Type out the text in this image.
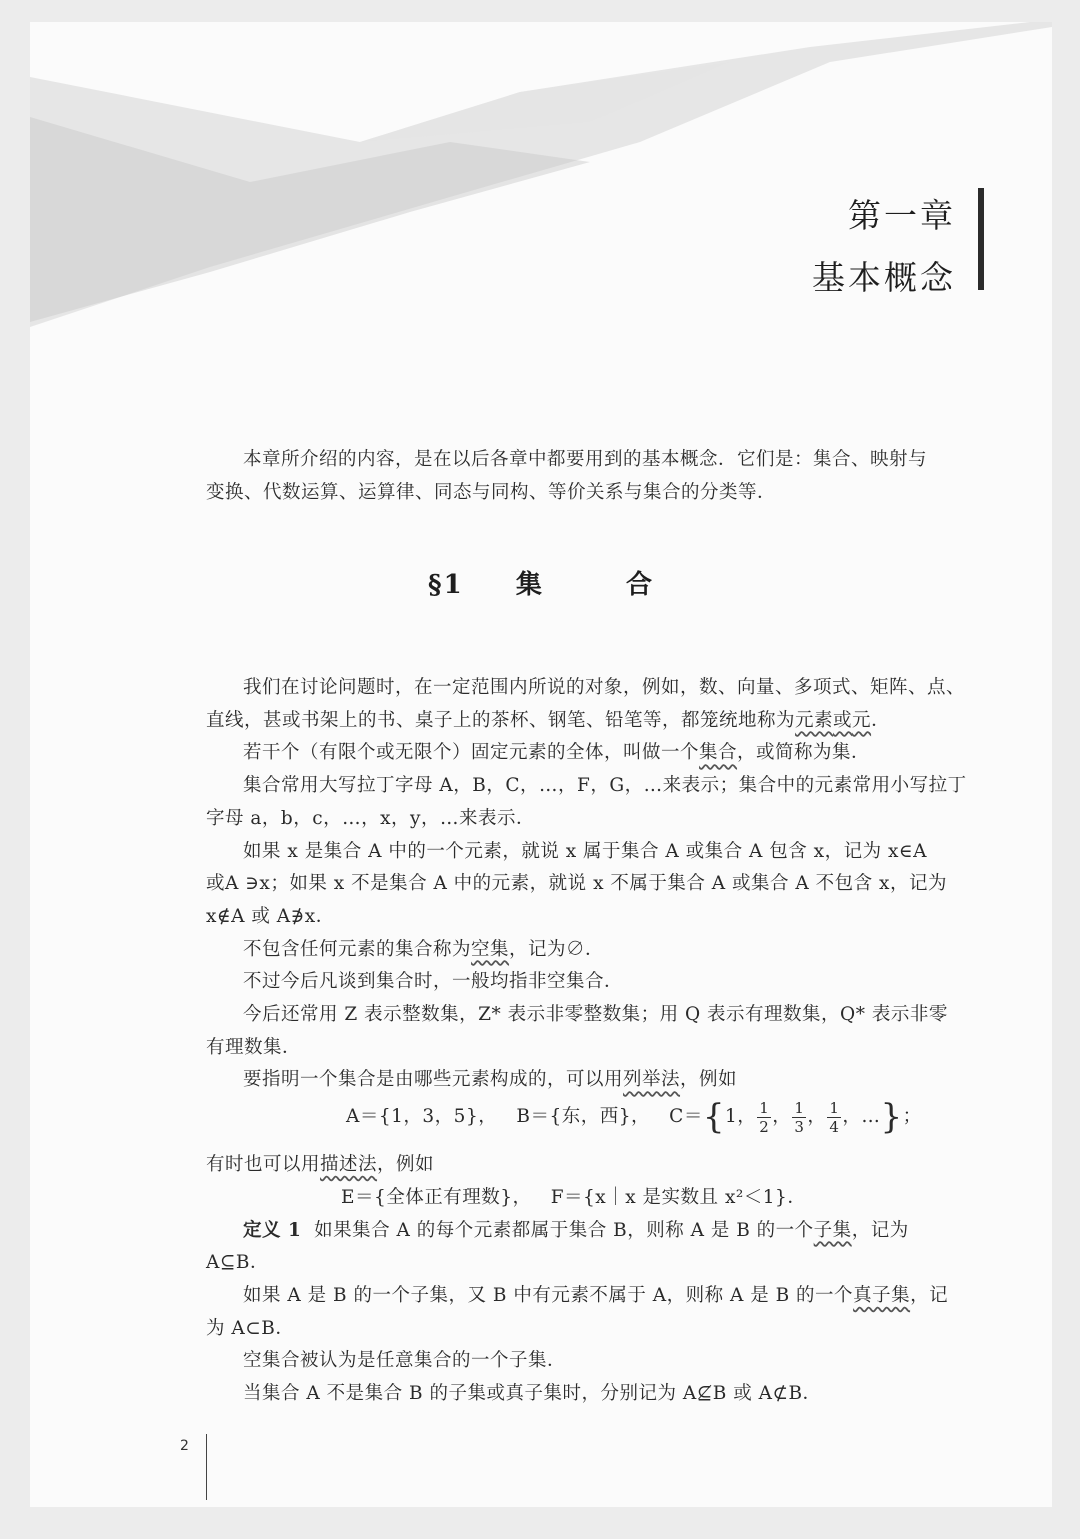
第一章
基本概念
本章所介绍的内容，是在以后各章中都要用到的基本概念．它们是：集合、映射与
变换、代数运算、运算律、同态与同构、等价关系与集合的分类等．
§1 集	合
我们在讨论问题时，在一定范围内所说的对象，例如，数、向量、多项式、矩阵、点、
直线，甚或书架上的书、桌子上的茶杯、钢笔、铅笔等，都笼统地称为元素或元．
若干个（有限个或无限个）固定元素的全体，叫做一个集合，或简称为集．
集合常用大写拉丁字母 A，B，C，…，F，G，…来表示；集合中的元素常用小写拉丁
字母 a，b，c，…，x，y，…来表示．
如果 x 是集合 A 中的一个元素，就说 x 属于集合 A 或集合 A 包含 x，记为 x∈A
或A ∋x；如果 x 不是集合 A 中的元素，就说 x 不属于集合 A 或集合 A 不包含 x，记为
x∉A 或 A∌x．
不包含任何元素的集合称为空集，记为∅．
不过今后凡谈到集合时，一般均指非空集合．
今后还常用 Z 表示整数集，Z* 表示非零整数集；用 Q 表示有理数集，Q* 表示非零
有理数集．
要指明一个集合是由哪些元素构成的，可以用列举法，例如
A＝{1，3，5}， B＝{东，西}， C＝{1， $\frac{1}{2}$ ， $\frac{1}{3}$ ， $\frac{1}{4}$ ，…}；
有时也可以用描述法，例如
E＝{全体正有理数}， F＝{x｜x 是实数且 x²＜1}．
定义 1 如果集合 A 的每个元素都属于集合 B，则称 A 是 B 的一个子集，记为
A⊆B．
如果 A 是 B 的一个子集，又 B 中有元素不属于 A，则称 A 是 B 的一个真子集，记
为 A⊂B．
空集合被认为是任意集合的一个子集．
当集合 A 不是集合 B 的子集或真子集时，分别记为 A⊈B 或 A⊄B．
2
